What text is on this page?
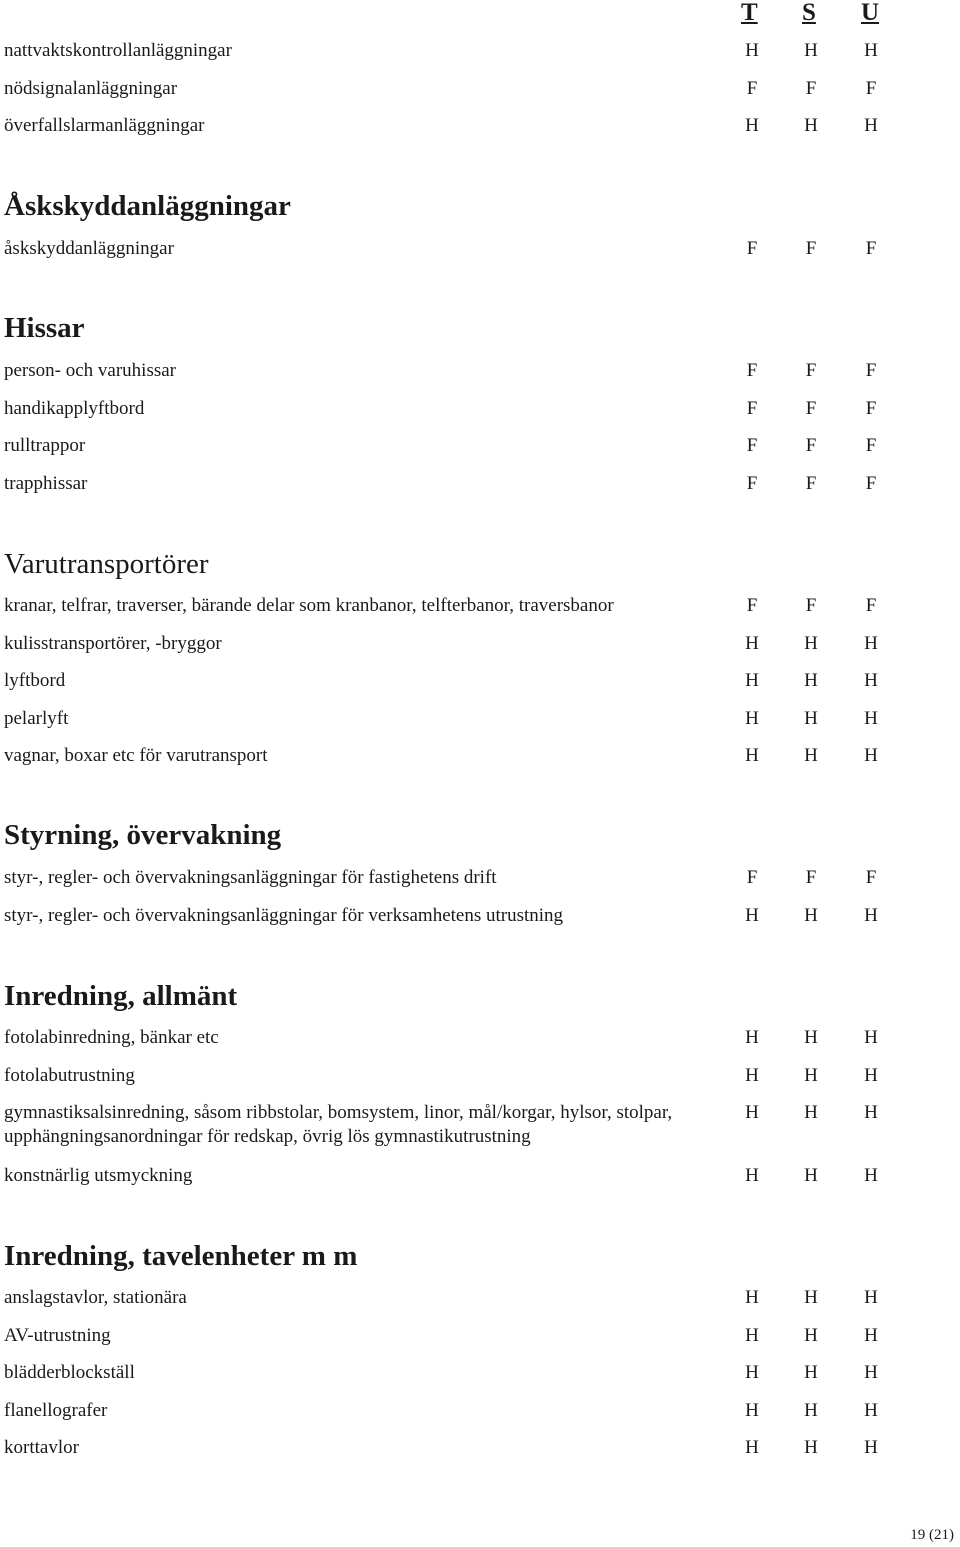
T S U
nattvaktskontrollanläggningar	H	H	H
nödsignalanläggningar	F	F	F
överfallslarmanläggningar	H	H	H
Åskskyddanläggningar
åskskyddanläggningar	F	F	F
Hissar
person- och varuhissar	F	F	F
handikapplyftbord	F	F	F
rulltrappor	F	F	F
trapphissar	F	F	F
Varutransportörer
kranar, telfrar, traverser, bärande delar som kranbanor, telfterbanor, traversbanor	F	F	F
kulisstransportörer, -bryggor	H	H	H
lyftbord	H	H	H
pelarlyft	H	H	H
vagnar, boxar etc för varutransport	H	H	H
Styrning, övervakning
styr-, regler- och övervakningsanläggningar för fastighetens drift	F	F	F
styr-, regler- och övervakningsanläggningar för verksamhetens utrustning	H	H	H
Inredning, allmänt
fotolabinredning, bänkar etc	H	H	H
fotolabutrustning	H	H	H
gymnastiksalsinredning, såsom ribbstolar, bomsystem, linor, mål/korgar, hylsor, stolpar, upphängningsanordningar för redskap, övrig lös gymnastikutrustning
H	H	H
konstnärlig utsmyckning	H	H	H
Inredning, tavelenheter m m
anslagstavlor, stationära	H	H	H
AV-utrustning	H	H	H
blädderblockställ	H	H	H
flanellografer	H	H	H
korttavlor	H	H	H
19 (21)
